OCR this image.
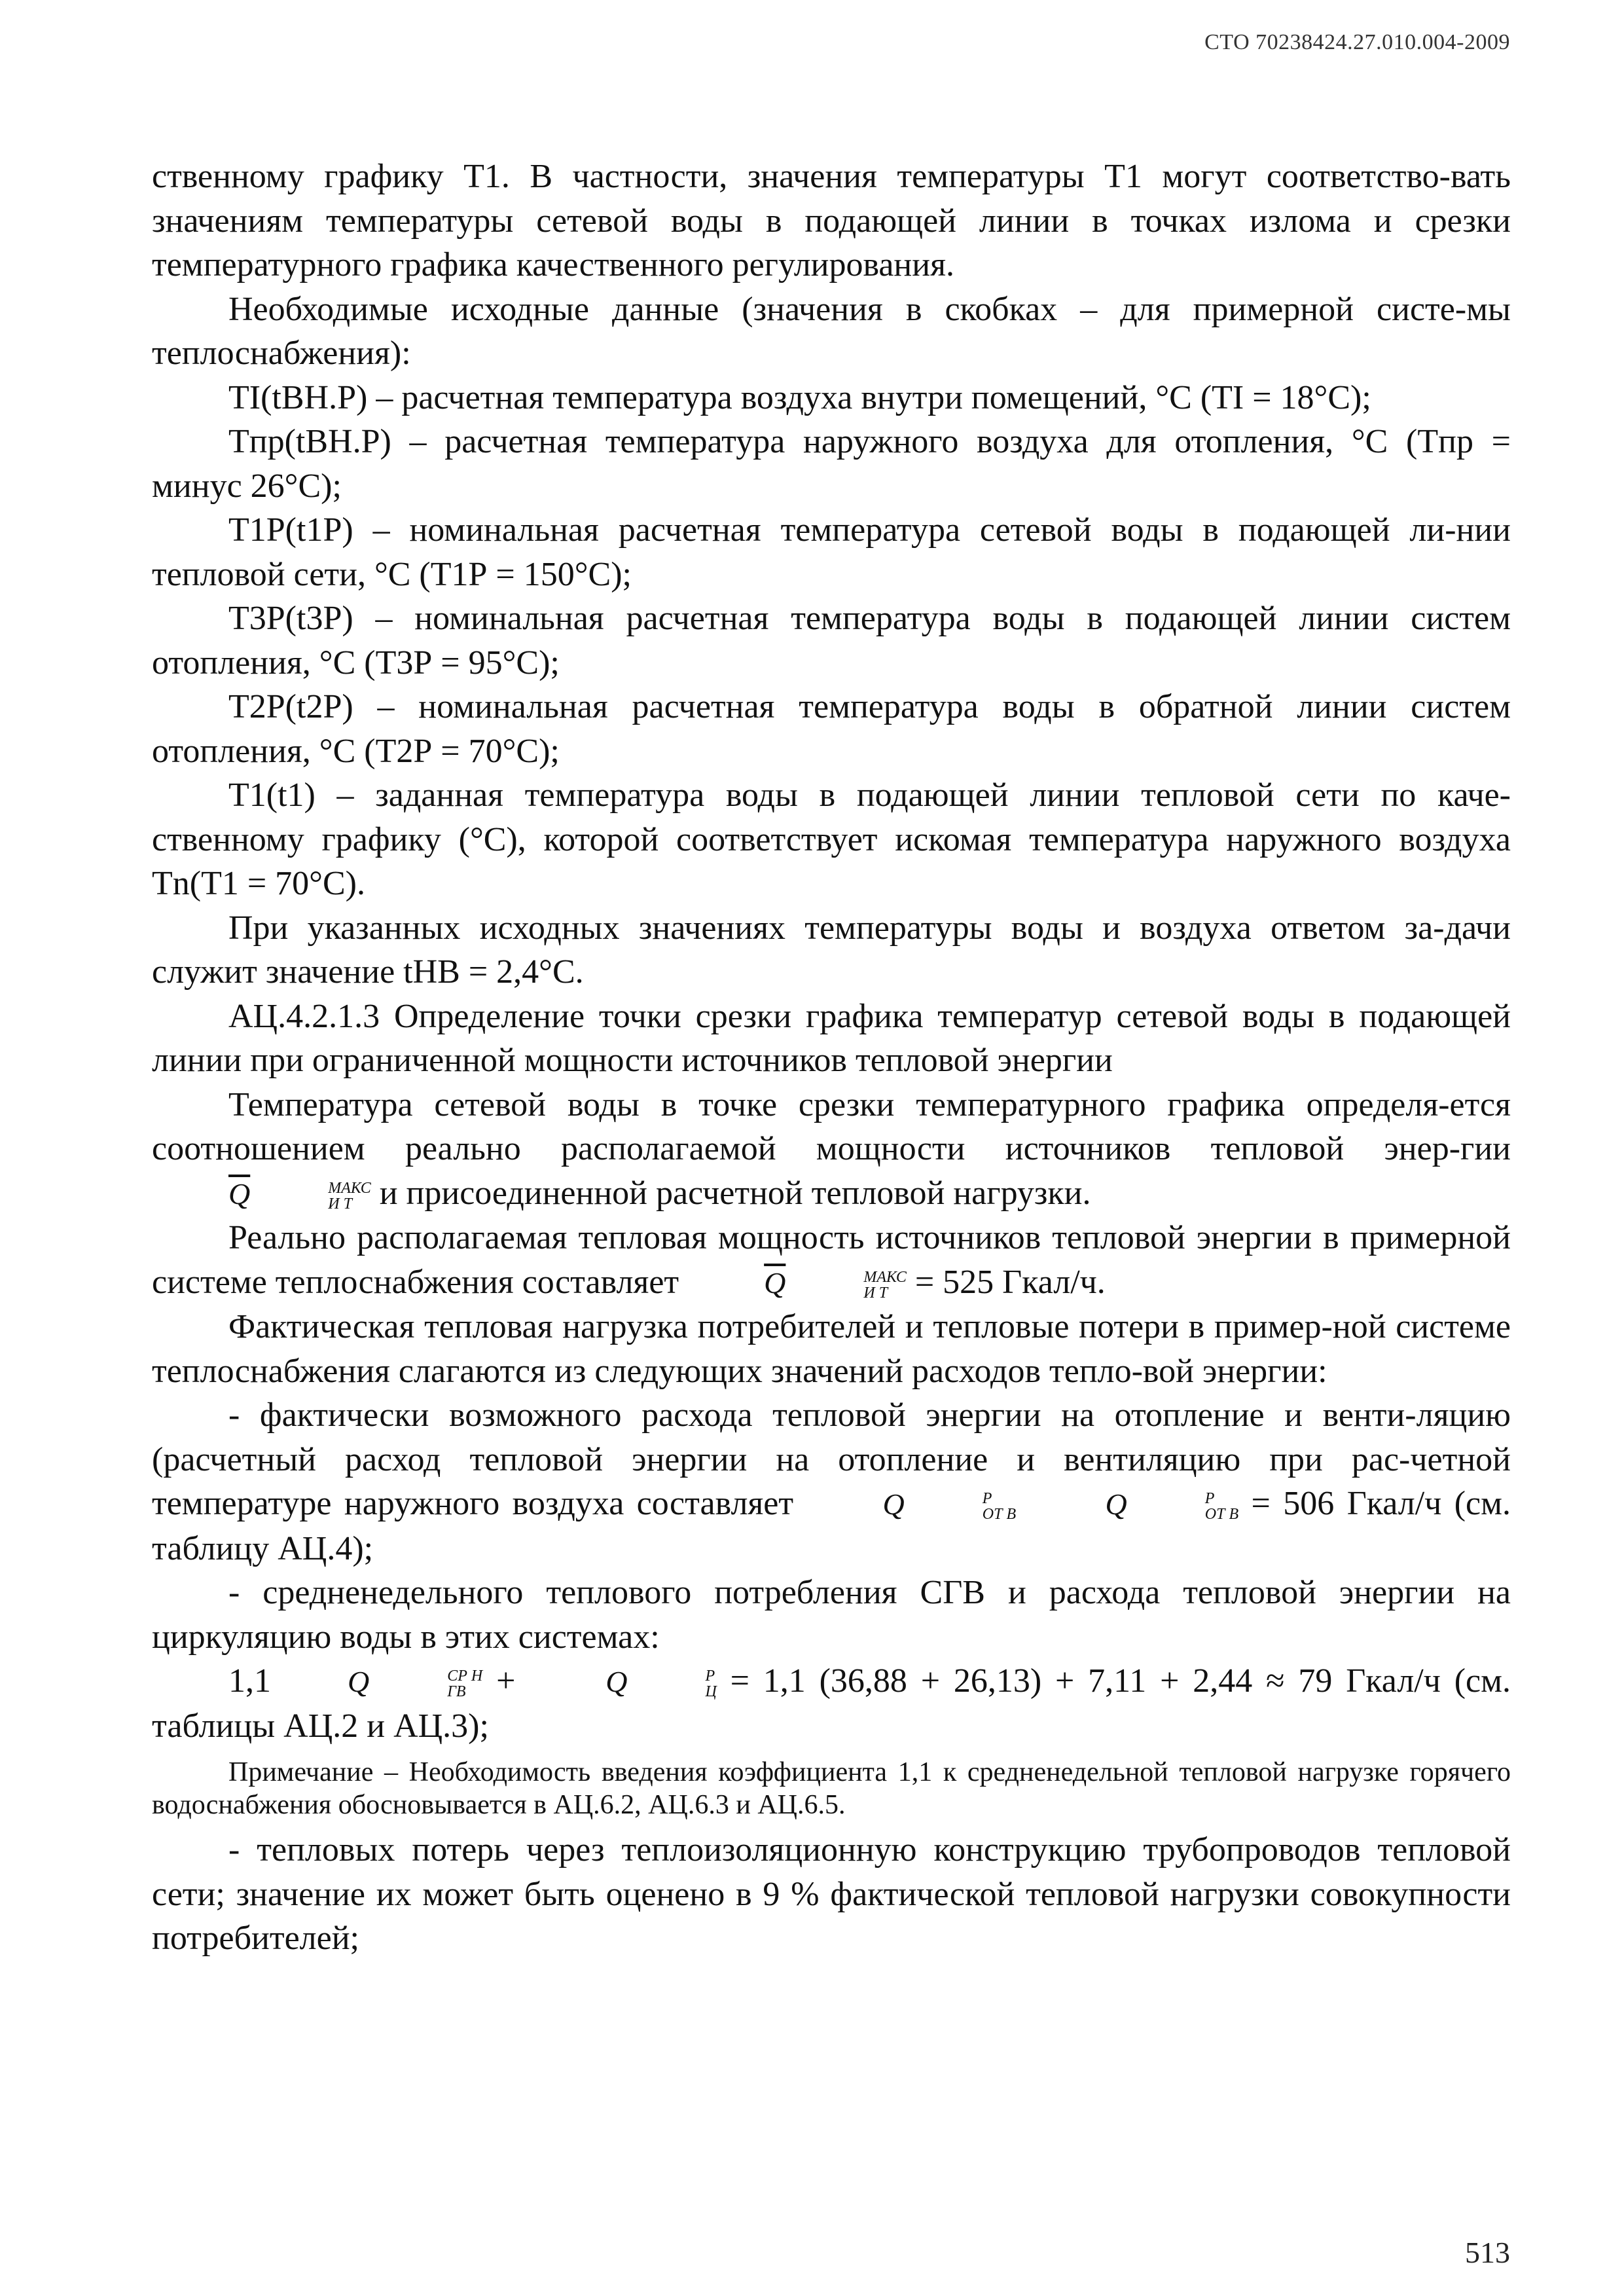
СТО 70238424.27.010.004-2009

ственному графику Т1. В частности, значения температуры T1 могут соответство-вать значениям температуры сетевой воды в подающей линии в точках излома и срезки температурного графика качественного регулирования.

Необходимые исходные данные (значения в скобках – для примерной систе-мы теплоснабжения):

TI(tВН.Р) – расчетная температура воздуха внутри помещений, °С (TI = 18°С);

Tпр(tВН.Р) – расчетная температура наружного воздуха для отопления, °С (Tпр = минус 26°С);

T1Р(t1Р) – номинальная расчетная температура сетевой воды в подающей ли-нии тепловой сети, °С (T1Р = 150°С);

T3Р(t3Р) – номинальная расчетная температура воды в подающей линии систем отопления, °С (T3Р = 95°С);

T2Р(t2Р) – номинальная расчетная температура воды в обратной линии систем отопления, °С (T2Р = 70°С);

T1(t1) – заданная температура воды в подающей линии тепловой сети по каче-ственному графику (°С), которой соответствует искомая температура наружного воздуха Tn(T1 = 70°С).

При указанных исходных значениях температуры воды и воздуха ответом за-дачи служит значение tНВ = 2,4°С.

АЦ.4.2.1.3 Определение точки срезки графика температур сетевой воды в подающей линии при ограниченной мощности источников тепловой энергии

Температура сетевой воды в точке срезки температурного графика определя-ется соотношением реально располагаемой мощности источников тепловой энер-гии $\overline{Q}$	МАКС
И Т и присоединенной расчетной тепловой нагрузки.

Реально располагаемая тепловая мощность источников тепловой энергии в примерной системе теплоснабжения составляет	$\overline{Q}$	МАКС
И Т = 525 Гкал/ч.

Фактическая тепловая нагрузка потребителей и тепловые потери в пример-ной системе теплоснабжения слагаются из следующих значений расходов тепло-вой энергии:

- фактически возможного расхода тепловой энергии на отопление и венти-ляцию (расчетный расход тепловой энергии на отопление и вентиляцию при рас-четной температуре наружного воздуха составляет	Q	Р
ОТ В	Q	Р
ОТ В = 506 Гкал/ч (см. таблицу АЦ.4);

- средненедельного теплового потребления СГВ и расхода тепловой энергии на циркуляцию воды в этих системах:

1,1	Q	СР Н
ГВ +	Q	Р
Ц = 1,1 (36,88 + 26,13) + 7,11 + 2,44 ≈ 79 Гкал/ч (см. таблицы АЦ.2 и АЦ.3);

Примечание – Необходимость введения коэффициента 1,1 к средненедельной тепловой нагрузке горячего водоснабжения обосновывается в АЦ.6.2, АЦ.6.3 и АЦ.6.5.

- тепловых потерь через теплоизоляционную конструкцию трубопроводов тепловой сети; значение их может быть оценено в 9 % фактической тепловой нагрузки совокупности потребителей;

513
